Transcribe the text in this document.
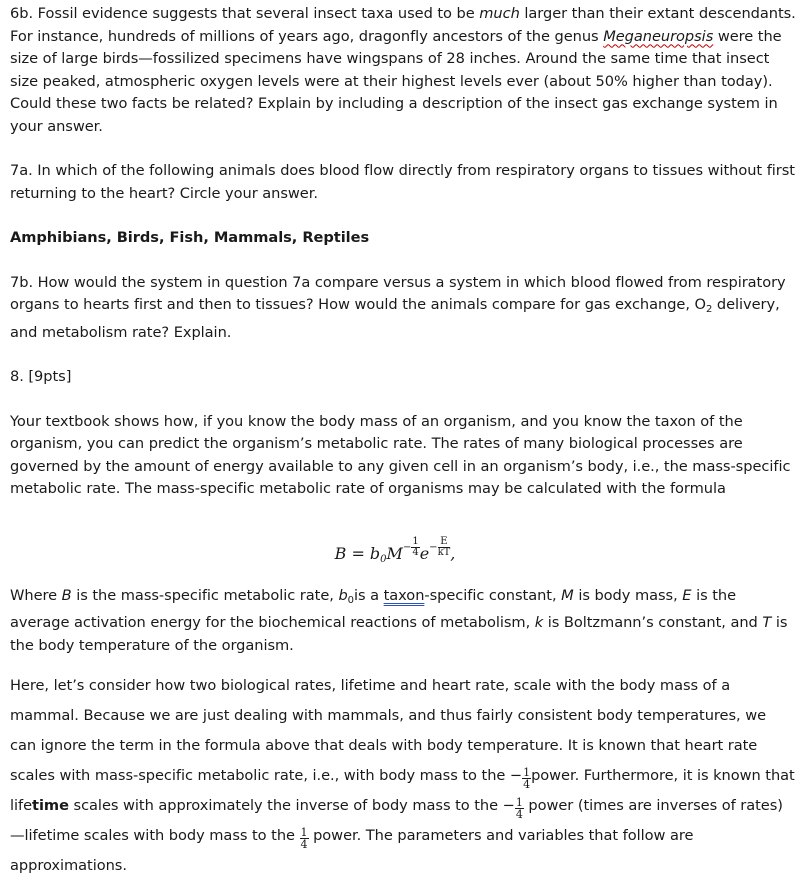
6b. Fossil evidence suggests that several insect taxa used to be much larger than their extant descendants. For instance, hundreds of millions of years ago, dragonfly ancestors of the genus Meganeuropsis were the size of large birds—fossilized specimens have wingspans of 28 inches. Around the same time that insect size peaked, atmospheric oxygen levels were at their highest levels ever (about 50% higher than today). Could these two facts be related? Explain by including a description of the insect gas exchange system in your answer.

7a. In which of the following animals does blood flow directly from respiratory organs to tissues without first returning to the heart? Circle your answer.

Amphibians, Birds, Fish, Mammals, Reptiles

7b. How would the system in question 7a compare versus a system in which blood flowed from respiratory organs to hearts first and then to tissues? How would the animals compare for gas exchange, $O_2$ delivery, and metabolism rate? Explain.

8. [9pts]

Your textbook shows how, if you know the body mass of an organism, and you know the taxon of the organism, you can predict the organism’s metabolic rate. The rates of many biological processes are governed by the amount of energy available to any given cell in an organism’s body, i.e., the mass-specific metabolic rate. The mass-specific metabolic rate of organisms may be calculated with the formula

$B = b_0M^{- \frac{1}{4}}$ $e^{- \frac{E}{kT}}$ ,

Where B is the mass-specific metabolic rate, $b_0is$ a taxon-specific constant, M is body mass, E is the average activation energy for the biochemical reactions of metabolism, k is Boltzmann’s constant, and T is the body temperature of the organism.

Here, let’s consider how two biological rates, lifetime and heart rate, scale with the body mass of a mammal. Because we are just dealing with mammals, and thus fairly consistent body temperatures, we can ignore the term in the formula above that deals with body temperature. It is known that heart rate scales with mass-specific metabolic rate, i.e., with body mass to the − $\frac{1}{4}$ power. Furthermore, it is known that lifetime scales with approximately the inverse of body mass to the − $\frac{1}{4}$ power (times are inverses of rates)—lifetime scales with body mass to the $\frac{1}{4}$ power. The parameters and variables that follow are approximations.
